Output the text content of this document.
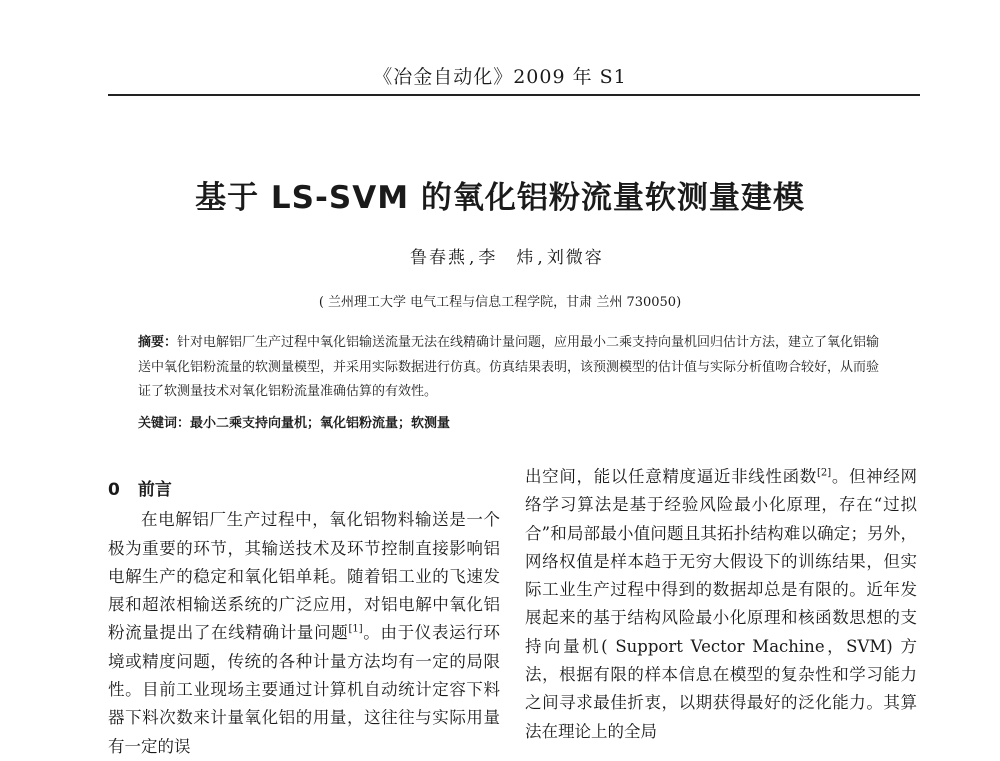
《冶金自动化》2009 年 S1
基于 LS-SVM 的氧化铝粉流量软测量建模
鲁春燕 , 李　炜 , 刘微容
( 兰州理工大学 电气工程与信息工程学院，甘肃 兰州 730050)
摘要：针对电解铝厂生产过程中氧化铝输送流量无法在线精确计量问题，应用最小二乘支持向量机回归估计方法，建立了氧化铝输送中氧化铝粉流量的软测量模型，并采用实际数据进行仿真。仿真结果表明，该预测模型的估计值与实际分析值吻合较好，从而验证了软测量技术对氧化铝粉流量准确估算的有效性。
关键词：最小二乘支持向量机；氧化铝粉流量；软测量
0 前言

在电解铝厂生产过程中，氧化铝物料输送是一个极为重要的环节，其输送技术及环节控制直接影响铝电解生产的稳定和氧化铝单耗。随着铝工业的飞速发展和超浓相输送系统的广泛应用，对铝电解中氧化铝粉流量提出了在线精确计量问题[1]。由于仪表运行环境或精度问题，传统的各种计量方法均有一定的局限性。目前工业现场主要通过计算机自动统计定容下料器下料次数来计量氧化铝的用量，这往往与实际用量有一定的误

出空间，能以任意精度逼近非线性函数[2]。但神经网络学习算法是基于经验风险最小化原理，存在“过拟合”和局部最小值问题且其拓扑结构难以确定；另外，网络权值是样本趋于无穷大假设下的训练结果，但实际工业生产过程中得到的数据却总是有限的。近年发展起来的基于结构风险最小化原理和核函数思想的支持向量机( Support Vector Machine，SVM) 方法，根据有限的样本信息在模型的复杂性和学习能力之间寻求最佳折衷，以期获得最好的泛化能力。其算法在理论上的全局
